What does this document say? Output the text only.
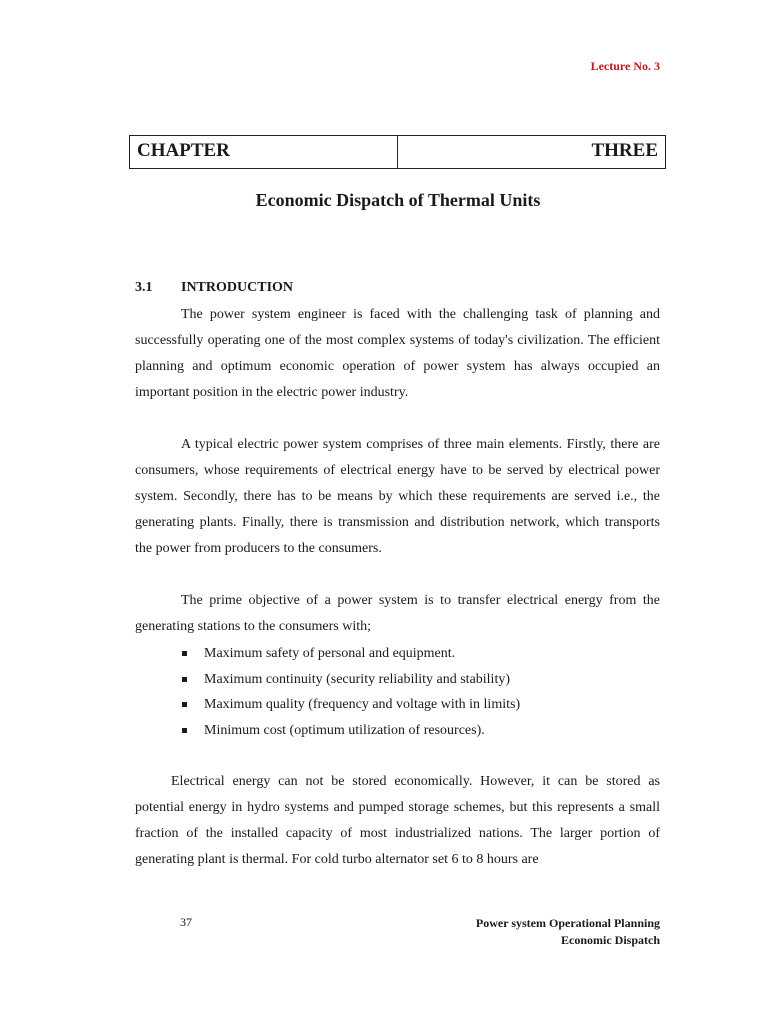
Lecture No. 3
CHAPTER	THREE
Economic Dispatch of Thermal Units
3.1 INTRODUCTION
The power system engineer is faced with the challenging task of planning and successfully operating one of the most complex systems of today's civilization. The efficient planning and optimum economic operation of power system has always occupied an important position in the electric power industry.
A typical electric power system comprises of three main elements. Firstly, there are consumers, whose requirements of electrical energy have to be served by electrical power system. Secondly, there has to be means by which these requirements are served i.e., the generating plants. Finally, there is transmission and distribution network, which transports the power from producers to the consumers.
The prime objective of a power system is to transfer electrical energy from the generating stations to the consumers with;
Maximum safety of personal and equipment.
Maximum continuity (security reliability and stability)
Maximum quality (frequency and voltage with in limits)
Minimum cost (optimum utilization of resources).
Electrical energy can not be stored economically. However, it can be stored as potential energy in hydro systems and pumped storage schemes, but this represents a small fraction of the installed capacity of most industrialized nations. The larger portion of generating plant is thermal. For cold turbo alternator set 6 to 8 hours are
37	Power system Operational Planning
Economic Dispatch
